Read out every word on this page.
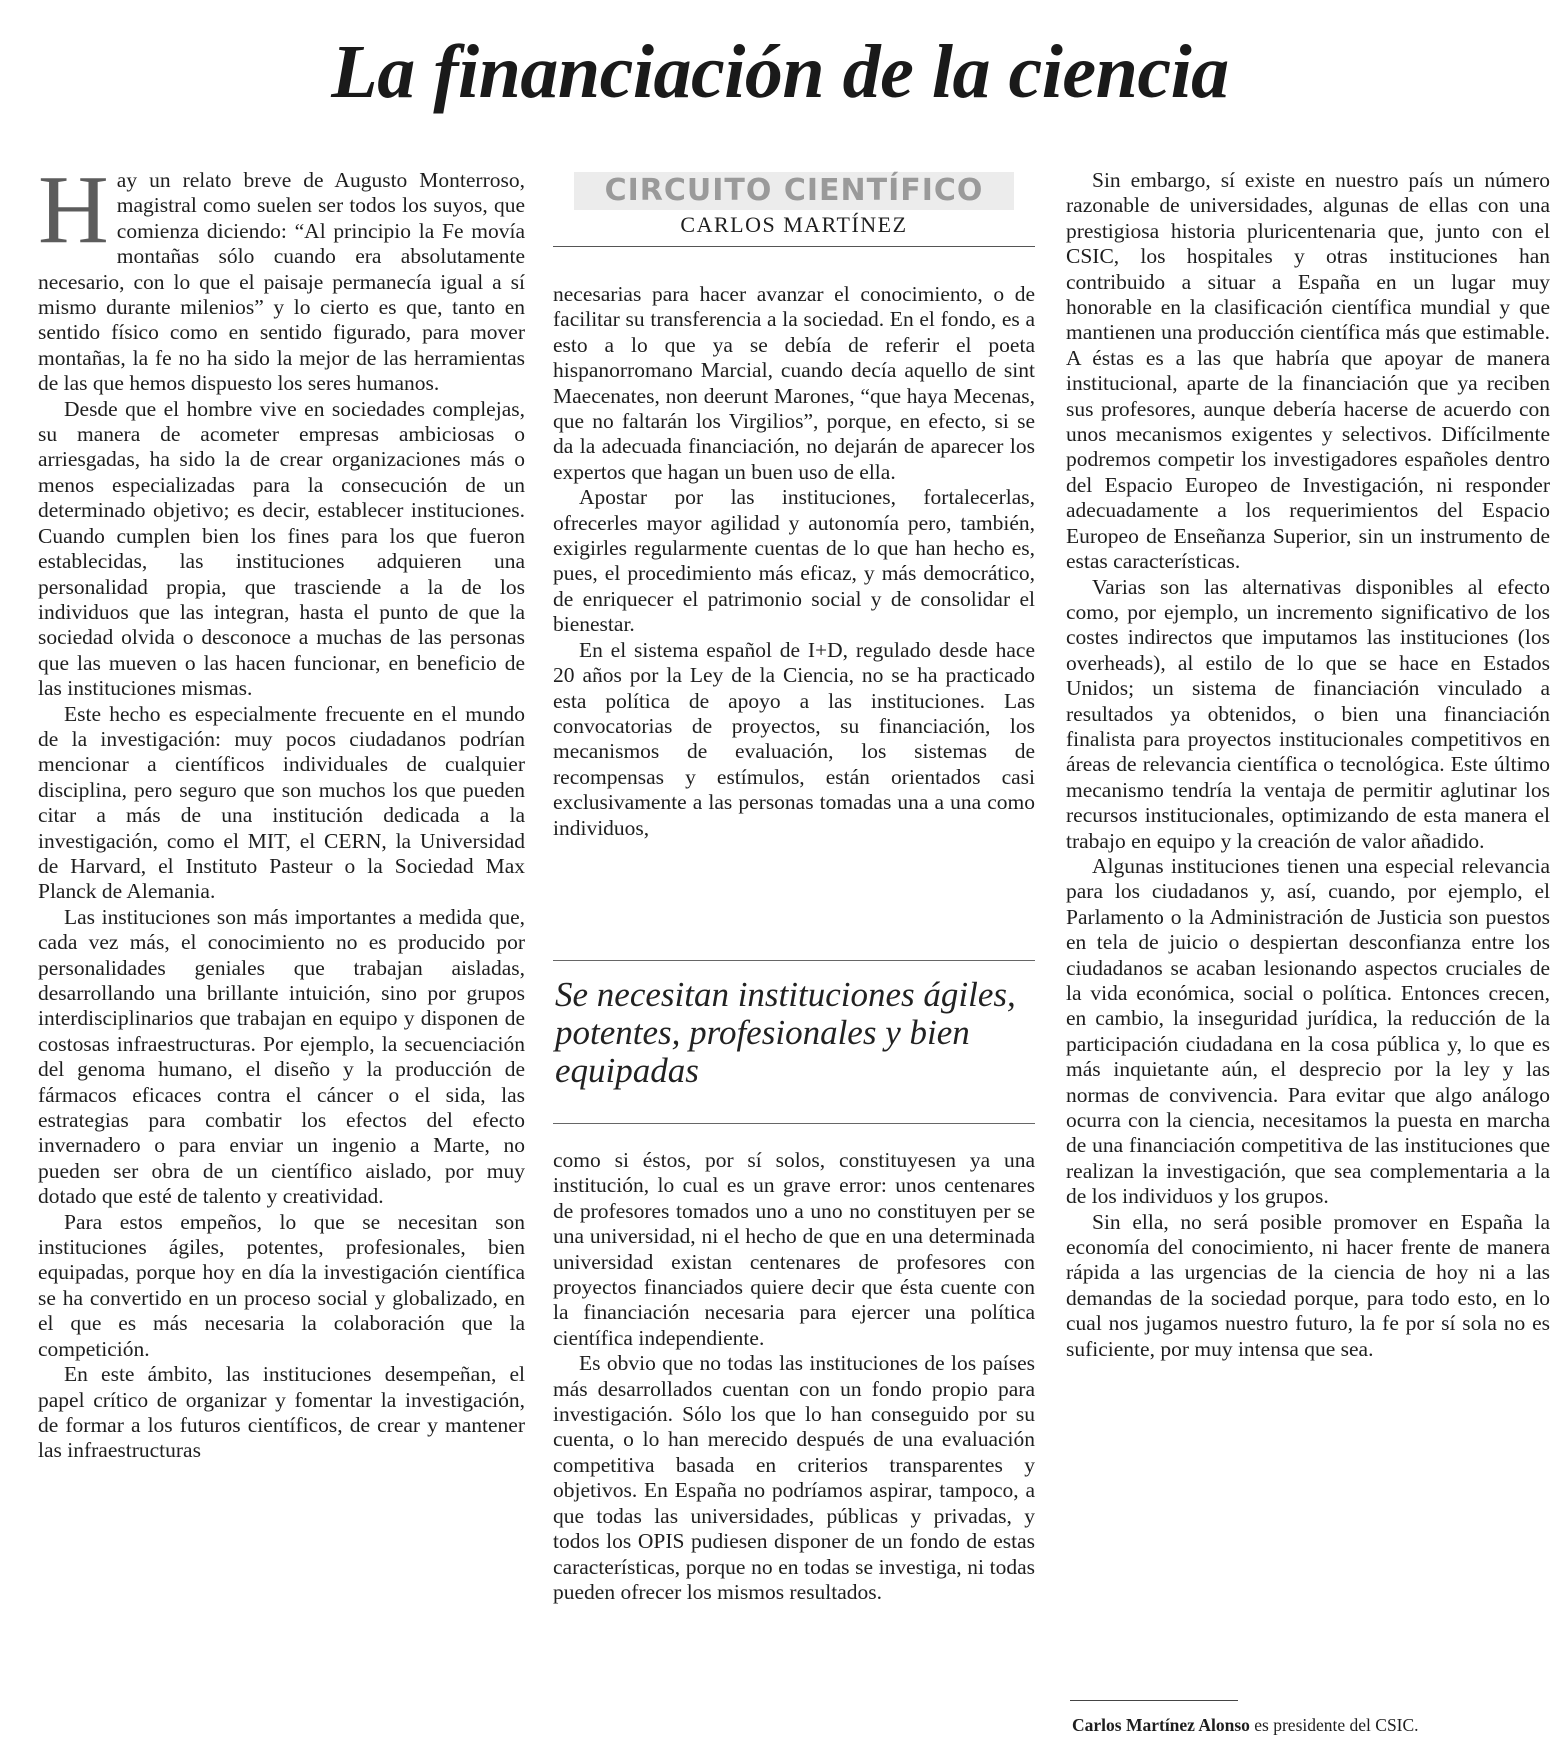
La financiación de la ciencia

Hay un relato breve de Augusto Monterroso, magistral como suelen ser todos los suyos, que comienza diciendo: “Al principio la Fe movía montañas sólo cuando era absolutamente necesario, con lo que el paisaje permanecía igual a sí mismo durante milenios” y lo cierto es que, tanto en sentido físico como en sentido figurado, para mover montañas, la fe no ha sido la mejor de las herramientas de las que hemos dispuesto los seres humanos.

Desde que el hombre vive en sociedades complejas, su manera de acometer empresas ambiciosas o arriesgadas, ha sido la de crear organizaciones más o menos especializadas para la consecución de un determinado objetivo; es decir, establecer instituciones. Cuando cumplen bien los fines para los que fueron establecidas, las instituciones adquieren una personalidad propia, que trasciende a la de los individuos que las integran, hasta el punto de que la sociedad olvida o desconoce a muchas de las personas que las mueven o las hacen funcionar, en beneficio de las instituciones mismas.

Este hecho es especialmente frecuente en el mundo de la investigación: muy pocos ciudadanos podrían mencionar a científicos individuales de cualquier disciplina, pero seguro que son muchos los que pueden citar a más de una institución dedicada a la investigación, como el MIT, el CERN, la Universidad de Harvard, el Instituto Pasteur o la Sociedad Max Planck de Alemania.

Las instituciones son más importantes a medida que, cada vez más, el conocimiento no es producido por personalidades geniales que trabajan aisladas, desarrollando una brillante intuición, sino por grupos interdisciplinarios que trabajan en equipo y disponen de costosas infraestructuras. Por ejemplo, la secuenciación del genoma humano, el diseño y la producción de fármacos eficaces contra el cáncer o el sida, las estrategias para combatir los efectos del efecto invernadero o para enviar un ingenio a Marte, no pueden ser obra de un científico aislado, por muy dotado que esté de talento y creatividad.

Para estos empeños, lo que se necesitan son instituciones ágiles, potentes, profesionales, bien equipadas, porque hoy en día la investigación científica se ha convertido en un proceso social y globalizado, en el que es más necesaria la colaboración que la competición.

En este ámbito, las instituciones desempeñan, el papel crítico de organizar y fomentar la investigación, de formar a los futuros científicos, de crear y mantener las infraestructuras

CIRCUITO CIENTÍFICO
CARLOS MARTÍNEZ

necesarias para hacer avanzar el conocimiento, o de facilitar su transferencia a la sociedad. En el fondo, es a esto a lo que ya se debía de referir el poeta hispanorromano Marcial, cuando decía aquello de sint Maecenates, non deerunt Marones, “que haya Mecenas, que no faltarán los Virgilios”, porque, en efecto, si se da la adecuada financiación, no dejarán de aparecer los expertos que hagan un buen uso de ella.

Apostar por las instituciones, fortalecerlas, ofrecerles mayor agilidad y autonomía pero, también, exigirles regularmente cuentas de lo que han hecho es, pues, el procedimiento más eficaz, y más democrático, de enriquecer el patrimonio social y de consolidar el bienestar.

En el sistema español de I+D, regulado desde hace 20 años por la Ley de la Ciencia, no se ha practicado esta política de apoyo a las instituciones. Las convocatorias de proyectos, su financiación, los mecanismos de evaluación, los sistemas de recompensas y estímulos, están orientados casi exclusivamente a las personas tomadas una a una como individuos,

Se necesitan instituciones ágiles, potentes, profesionales y bien equipadas

como si éstos, por sí solos, constituyesen ya una institución, lo cual es un grave error: unos centenares de profesores tomados uno a uno no constituyen per se una universidad, ni el hecho de que en una determinada universidad existan centenares de profesores con proyectos financiados quiere decir que ésta cuente con la financiación necesaria para ejercer una política científica independiente.

Es obvio que no todas las instituciones de los países más desarrollados cuentan con un fondo propio para investigación. Sólo los que lo han conseguido por su cuenta, o lo han merecido después de una evaluación competitiva basada en criterios transparentes y objetivos. En España no podríamos aspirar, tampoco, a que todas las universidades, públicas y privadas, y todos los OPIS pudiesen disponer de un fondo de estas características, porque no en todas se investiga, ni todas pueden ofrecer los mismos resultados.

Sin embargo, sí existe en nuestro país un número razonable de universidades, algunas de ellas con una prestigiosa historia pluricentenaria que, junto con el CSIC, los hospitales y otras instituciones han contribuido a situar a España en un lugar muy honorable en la clasificación científica mundial y que mantienen una producción científica más que estimable. A éstas es a las que habría que apoyar de manera institucional, aparte de la financiación que ya reciben sus profesores, aunque debería hacerse de acuerdo con unos mecanismos exigentes y selectivos. Difícilmente podremos competir los investigadores españoles dentro del Espacio Europeo de Investigación, ni responder adecuadamente a los requerimientos del Espacio Europeo de Enseñanza Superior, sin un instrumento de estas características.

Varias son las alternativas disponibles al efecto como, por ejemplo, un incremento significativo de los costes indirectos que imputamos las instituciones (los overheads), al estilo de lo que se hace en Estados Unidos; un sistema de financiación vinculado a resultados ya obtenidos, o bien una financiación finalista para proyectos institucionales competitivos en áreas de relevancia científica o tecnológica. Este último mecanismo tendría la ventaja de permitir aglutinar los recursos institucionales, optimizando de esta manera el trabajo en equipo y la creación de valor añadido.

Algunas instituciones tienen una especial relevancia para los ciudadanos y, así, cuando, por ejemplo, el Parlamento o la Administración de Justicia son puestos en tela de juicio o despiertan desconfianza entre los ciudadanos se acaban lesionando aspectos cruciales de la vida económica, social o política. Entonces crecen, en cambio, la inseguridad jurídica, la reducción de la participación ciudadana en la cosa pública y, lo que es más inquietante aún, el desprecio por la ley y las normas de convivencia. Para evitar que algo análogo ocurra con la ciencia, necesitamos la puesta en marcha de una financiación competitiva de las instituciones que realizan la investigación, que sea complementaria a la de los individuos y los grupos.

Sin ella, no será posible promover en España la economía del conocimiento, ni hacer frente de manera rápida a las urgencias de la ciencia de hoy ni a las demandas de la sociedad porque, para todo esto, en lo cual nos jugamos nuestro futuro, la fe por sí sola no es suficiente, por muy intensa que sea.

Carlos Martínez Alonso es presidente del CSIC.
